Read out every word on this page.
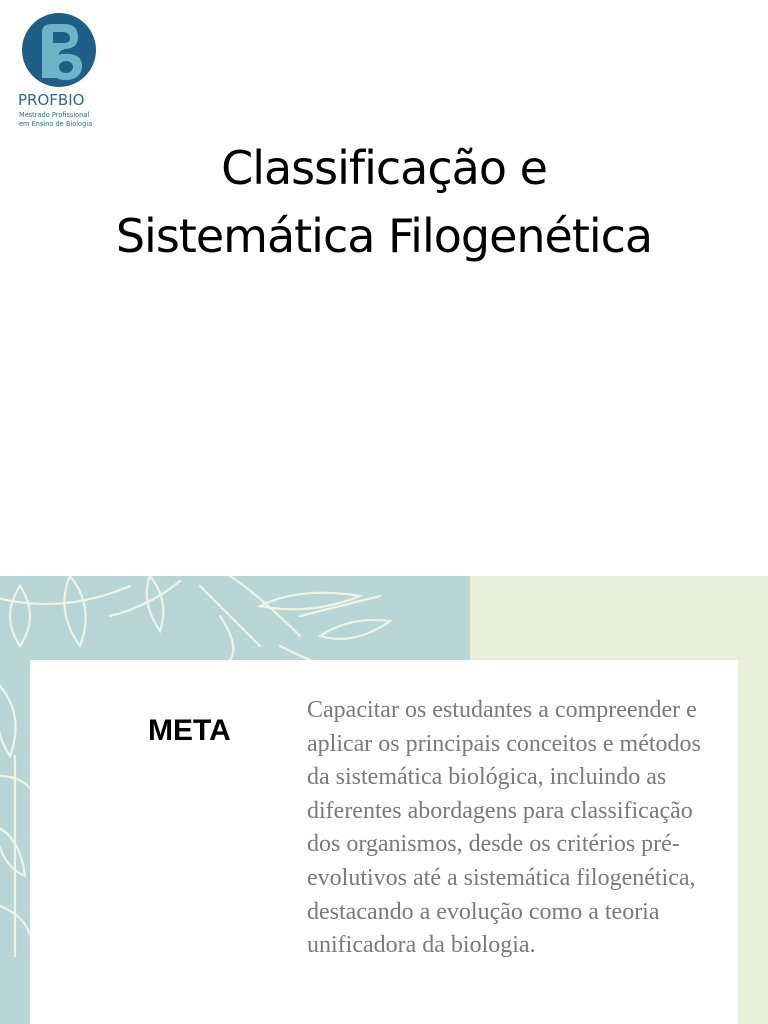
PROFBIO
Mestrado Profissional
em Ensino de Biologia
Classificação e
Sistemática Filogenética
META
Capacitar os estudantes a compreender e aplicar os principais conceitos e métodos da sistemática biológica, incluindo as diferentes abordagens para classificação dos organismos, desde os critérios pré-evolutivos até a sistemática filogenética, destacando a evolução como a teoria unificadora da biologia.
